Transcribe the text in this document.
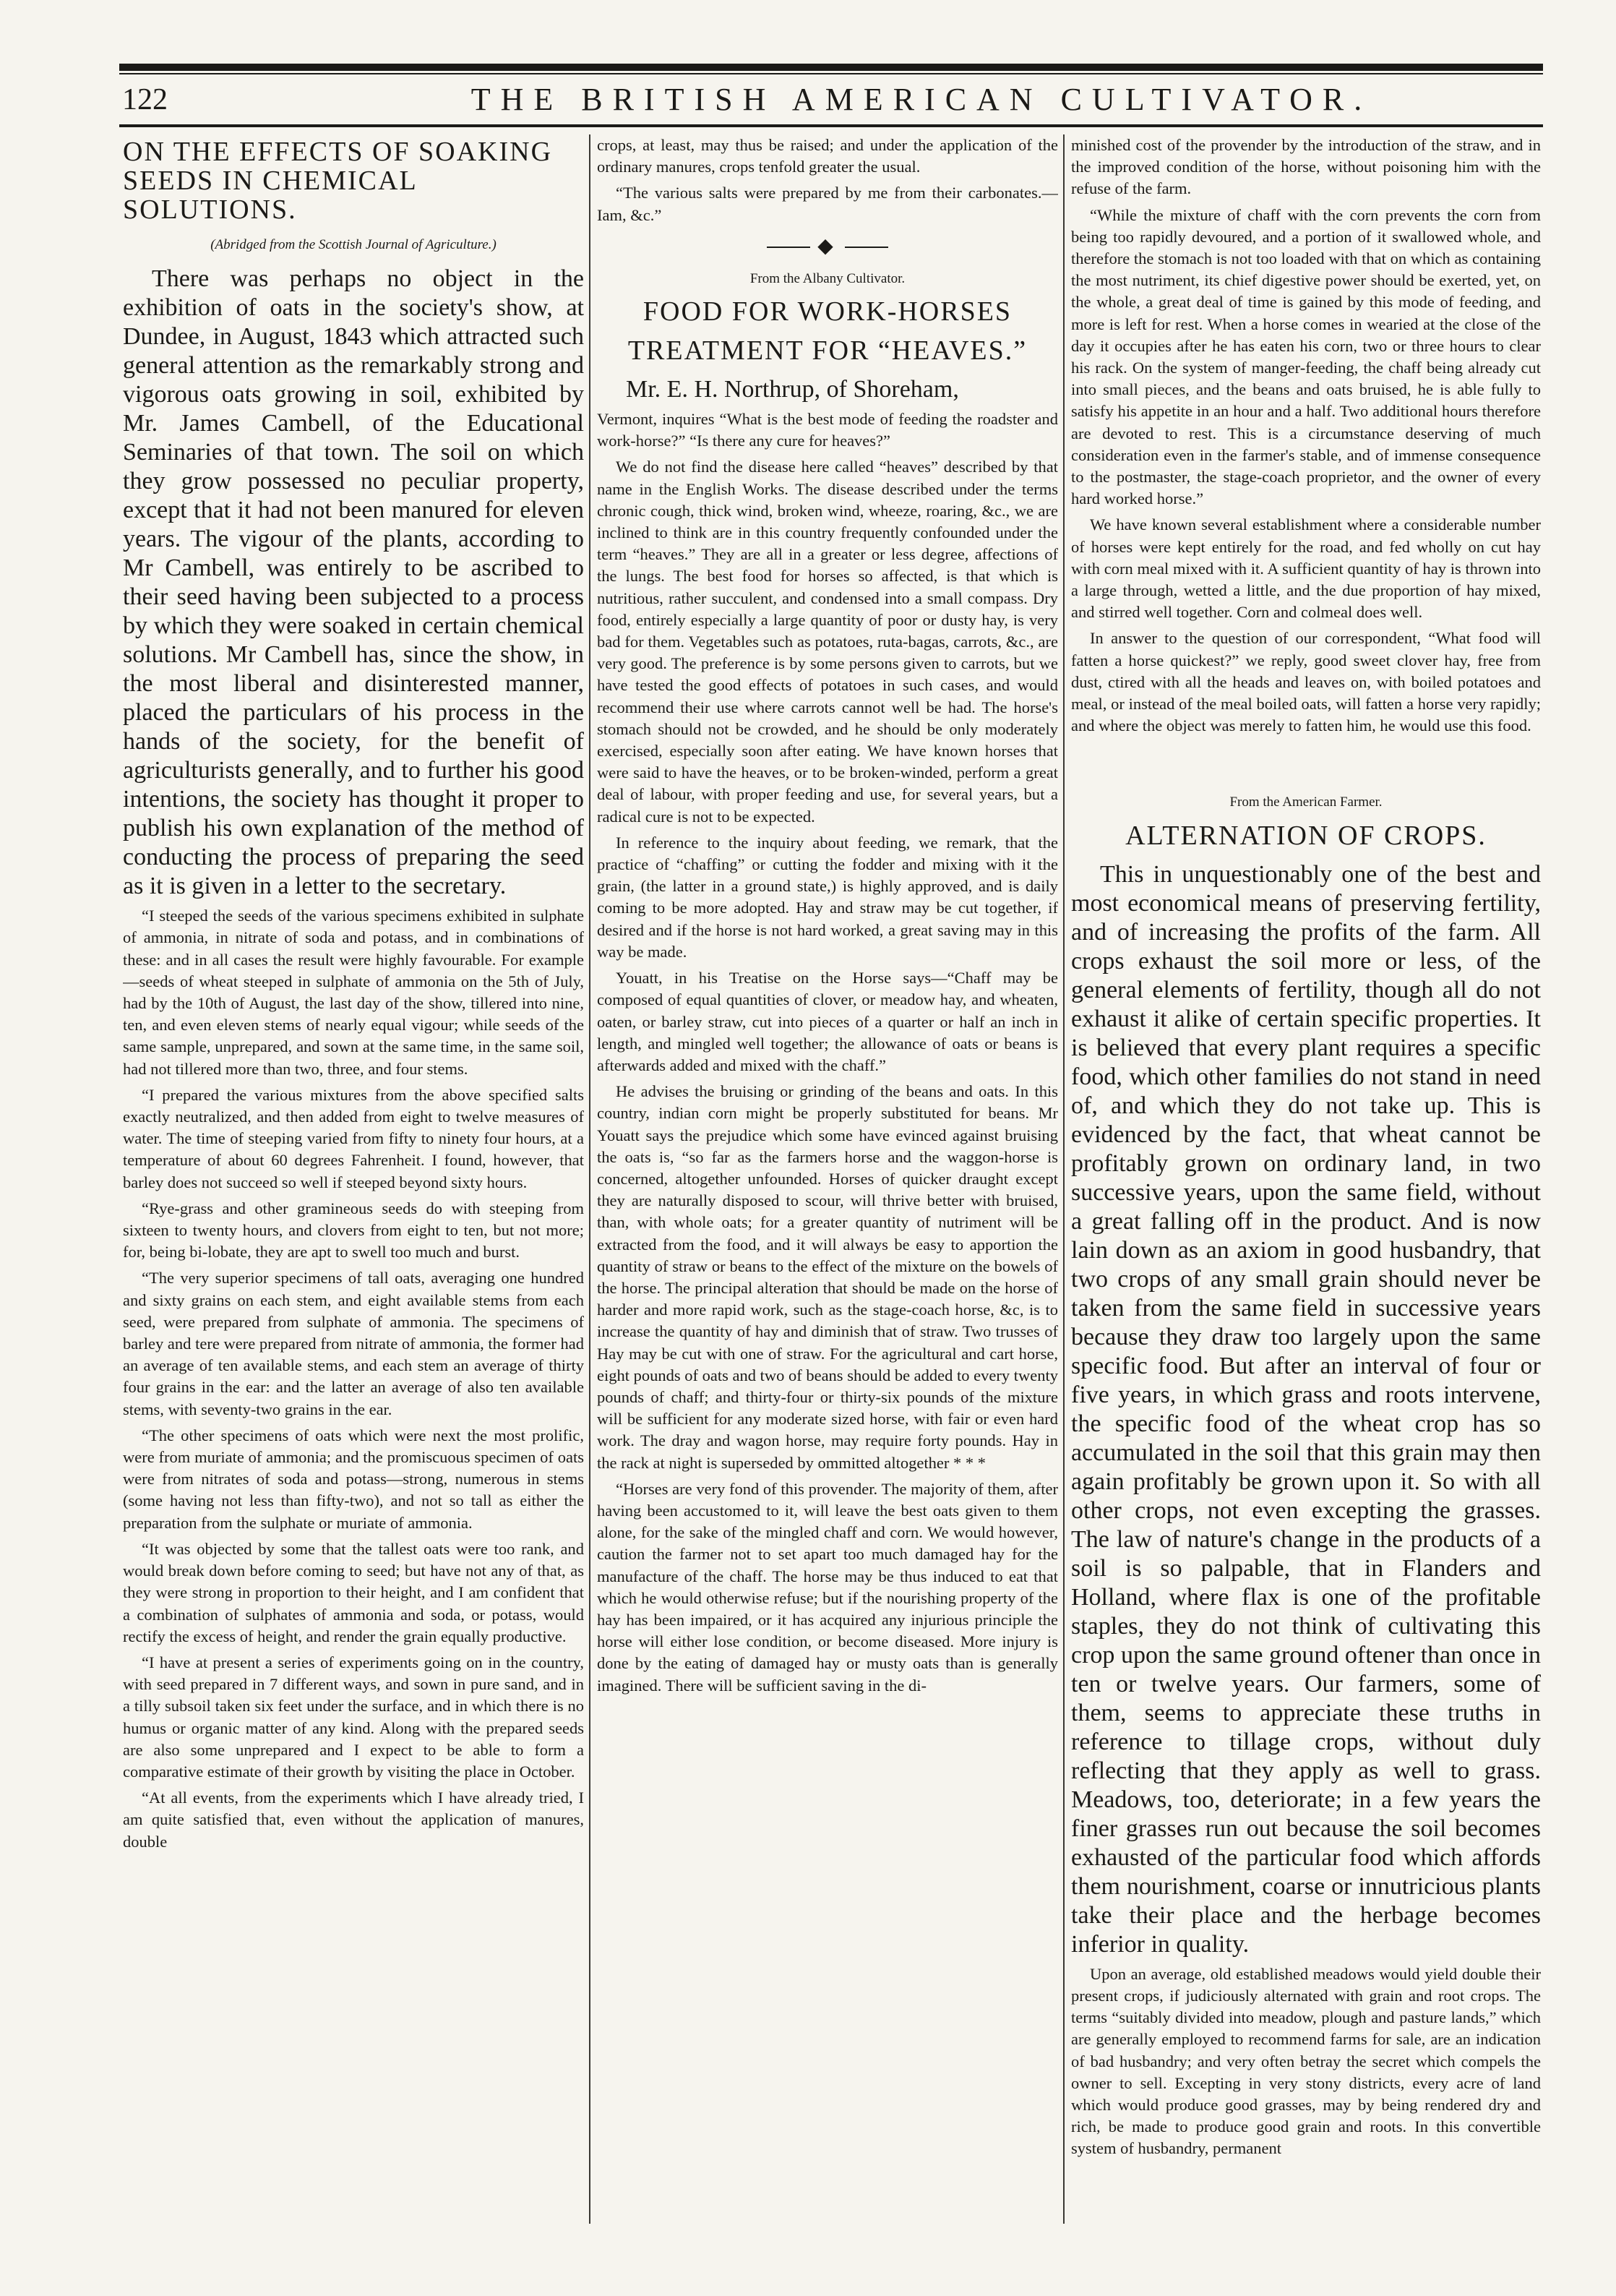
122	THE BRITISH AMERICAN CULTIVATOR.
ON THE EFFECTS OF SOAKING SEEDS IN CHEMICAL SOLUTIONS.
(Abridged from the Scottish Journal of Agriculture.)

There was perhaps no object in the exhibition of oats in the society's show, at Dundee, in August, 1843 which attracted such general attention as the remarkably strong and vigorous oats growing in soil, exhibited by Mr. James Cambell, of the Educational Seminaries of that town. The soil on which they grow possessed no peculiar property, except that it had not been manured for eleven years. The vigour of the plants, according to Mr Cambell, was entirely to be ascribed to their seed having been subjected to a process by which they were soaked in certain chemical solutions. Mr Cambell has, since the show, in the most liberal and disinterested manner, placed the particulars of his process in the hands of the society, for the benefit of agriculturists generally, and to further his good intentions, the society has thought it proper to publish his own explanation of the method of conducting the process of preparing the seed as it is given in a letter to the secretary.

“I steeped the seeds of the various specimens exhibited in sulphate of ammonia, in nitrate of soda and potass, and in combinations of these: and in all cases the result were highly favourable. For example—seeds of wheat steeped in sulphate of ammonia on the 5th of July, had by the 10th of August, the last day of the show, tillered into nine, ten, and even eleven stems of nearly equal vigour; while seeds of the same sample, unprepared, and sown at the same time, in the same soil, had not tillered more than two, three, and four stems.

“I prepared the various mixtures from the above specified salts exactly neutralized, and then added from eight to twelve measures of water. The time of steeping varied from fifty to ninety four hours, at a temperature of about 60 degrees Fahrenheit. I found, however, that barley does not succeed so well if steeped beyond sixty hours.

“Rye-grass and other gramineous seeds do with steeping from sixteen to twenty hours, and clovers from eight to ten, but not more; for, being bi-lobate, they are apt to swell too much and burst.

“The very superior specimens of tall oats, averaging one hundred and sixty grains on each stem, and eight available stems from each seed, were prepared from sulphate of ammonia. The specimens of barley and tere were prepared from nitrate of ammonia, the former had an average of ten available stems, and each stem an average of thirty four grains in the ear: and the latter an average of also ten available stems, with seventy-two grains in the ear.

“The other specimens of oats which were next the most prolific, were from muriate of ammonia; and the promiscuous specimen of oats were from nitrates of soda and potass—strong, numerous in stems (some having not less than fifty-two), and not so tall as either the preparation from the sulphate or muriate of ammonia.

“It was objected by some that the tallest oats were too rank, and would break down before coming to seed; but have not any of that, as they were strong in proportion to their height, and I am confident that a combination of sulphates of ammonia and soda, or potass, would rectify the excess of height, and render the grain equally productive.

“I have at present a series of experiments going on in the country, with seed prepared in 7 different ways, and sown in pure sand, and in a tilly subsoil taken six feet under the surface, and in which there is no humus or organic matter of any kind. Along with the prepared seeds are also some unprepared and I expect to be able to form a comparative estimate of their growth by visiting the place in October.

“At all events, from the experiments which I have already tried, I am quite satisfied that, even without the application of manures, double

crops, at least, may thus be raised; and under the application of the ordinary manures, crops tenfold greater the usual.

“The various salts were prepared by me from their carbonates.—Iam, &c.”

◆
From the Albany Cultivator.
FOOD FOR WORK-HORSES
TREATMENT FOR “HEAVES.”

Mr. E. H. Northrup, of Shoreham,

Vermont, inquires “What is the best mode of feeding the roadster and work-horse?” “Is there any cure for heaves?”

We do not find the disease here called “heaves” described by that name in the English Works. The disease described under the terms chronic cough, thick wind, broken wind, wheeze, roaring, &c., we are inclined to think are in this country frequently confounded under the term “heaves.” They are all in a greater or less degree, affections of the lungs. The best food for horses so affected, is that which is nutritious, rather succulent, and condensed into a small compass. Dry food, entirely especially a large quantity of poor or dusty hay, is very bad for them. Vegetables such as potatoes, ruta-bagas, carrots, &c., are very good. The preference is by some persons given to carrots, but we have tested the good effects of potatoes in such cases, and would recommend their use where carrots cannot well be had. The horse's stomach should not be crowded, and he should be only moderately exercised, especially soon after eating. We have known horses that were said to have the heaves, or to be broken-winded, perform a great deal of labour, with proper feeding and use, for several years, but a radical cure is not to be expected.

In reference to the inquiry about feeding, we remark, that the practice of “chaffing” or cutting the fodder and mixing with it the grain, (the latter in a ground state,) is highly approved, and is daily coming to be more adopted. Hay and straw may be cut together, if desired and if the horse is not hard worked, a great saving may in this way be made.

Youatt, in his Treatise on the Horse says—“Chaff may be composed of equal quantities of clover, or meadow hay, and wheaten, oaten, or barley straw, cut into pieces of a quarter or half an inch in length, and mingled well together; the allowance of oats or beans is afterwards added and mixed with the chaff.”

He advises the bruising or grinding of the beans and oats. In this country, indian corn might be properly substituted for beans. Mr Youatt says the prejudice which some have evinced against bruising the oats is, “so far as the farmers horse and the waggon-horse is concerned, altogether unfounded. Horses of quicker draught except they are naturally disposed to scour, will thrive better with bruised, than, with whole oats; for a greater quantity of nutriment will be extracted from the food, and it will always be easy to apportion the quantity of straw or beans to the effect of the mixture on the bowels of the horse. The principal alteration that should be made on the horse of harder and more rapid work, such as the stage-coach horse, &c, is to increase the quantity of hay and diminish that of straw. Two trusses of Hay may be cut with one of straw. For the agricultural and cart horse, eight pounds of oats and two of beans should be added to every twenty pounds of chaff; and thirty-four or thirty-six pounds of the mixture will be sufficient for any moderate sized horse, with fair or even hard work. The dray and wagon horse, may require forty pounds. Hay in the rack at night is superseded by ommitted altogether * * *

“Horses are very fond of this provender. The majority of them, after having been accustomed to it, will leave the best oats given to them alone, for the sake of the mingled chaff and corn. We would however, caution the farmer not to set apart too much damaged hay for the manufacture of the chaff. The horse may be thus induced to eat that which he would otherwise refuse; but if the nourishing property of the hay has been impaired, or it has acquired any injurious principle the horse will either lose condition, or become diseased. More injury is done by the eating of damaged hay or musty oats than is generally imagined. There will be sufficient saving in the di-

minished cost of the provender by the introduction of the straw, and in the improved condition of the horse, without poisoning him with the refuse of the farm.

“While the mixture of chaff with the corn prevents the corn from being too rapidly devoured, and a portion of it swallowed whole, and therefore the stomach is not too loaded with that on which as containing the most nutriment, its chief digestive power should be exerted, yet, on the whole, a great deal of time is gained by this mode of feeding, and more is left for rest. When a horse comes in wearied at the close of the day it occupies after he has eaten his corn, two or three hours to clear his rack. On the system of manger-feeding, the chaff being already cut into small pieces, and the beans and oats bruised, he is able fully to satisfy his appetite in an hour and a half. Two additional hours therefore are devoted to rest. This is a circumstance deserving of much consideration even in the farmer's stable, and of immense consequence to the postmaster, the stage-coach proprietor, and the owner of every hard worked horse.”

We have known several establishment where a considerable number of horses were kept entirely for the road, and fed wholly on cut hay with corn meal mixed with it. A sufficient quantity of hay is thrown into a large through, wetted a little, and the due proportion of hay mixed, and stirred well together. Corn and colmeal does well.

In answer to the question of our correspondent, “What food will fatten a horse quickest?” we reply, good sweet clover hay, free from dust, ctired with all the heads and leaves on, with boiled potatoes and meal, or instead of the meal boiled oats, will fatten a horse very rapidly; and where the object was merely to fatten him, he would use this food.

From the American Farmer.
ALTERNATION OF CROPS.

This in unquestionably one of the best and most economical means of preserving fertility, and of increasing the profits of the farm. All crops exhaust the soil more or less, of the general elements of fertility, though all do not exhaust it alike of certain specific properties. It is believed that every plant requires a specific food, which other families do not stand in need of, and which they do not take up. This is evidenced by the fact, that wheat cannot be profitably grown on ordinary land, in two successive years, upon the same field, without a great falling off in the product. And is now lain down as an axiom in good husbandry, that two crops of any small grain should never be taken from the same field in successive years because they draw too largely upon the same specific food. But after an interval of four or five years, in which grass and roots intervene, the specific food of the wheat crop has so accumulated in the soil that this grain may then again profitably be grown upon it. So with all other crops, not even excepting the grasses. The law of nature's change in the products of a soil is so palpable, that in Flanders and Holland, where flax is one of the profitable staples, they do not think of cultivating this crop upon the same ground oftener than once in ten or twelve years. Our farmers, some of them, seems to appreciate these truths in reference to tillage crops, without duly reflecting that they apply as well to grass. Meadows, too, deteriorate; in a few years the finer grasses run out because the soil becomes exhausted of the particular food which affords them nourishment, coarse or innutricious plants take their place and the herbage becomes inferior in quality.

Upon an average, old established meadows would yield double their present crops, if judiciously alternated with grain and root crops. The terms “suitably divided into meadow, plough and pasture lands,” which are generally employed to recommend farms for sale, are an indication of bad husbandry; and very often betray the secret which compels the owner to sell. Excepting in very stony districts, every acre of land which would produce good grasses, may by being rendered dry and rich, be made to produce good grain and roots. In this convertible system of husbandry, permanent
